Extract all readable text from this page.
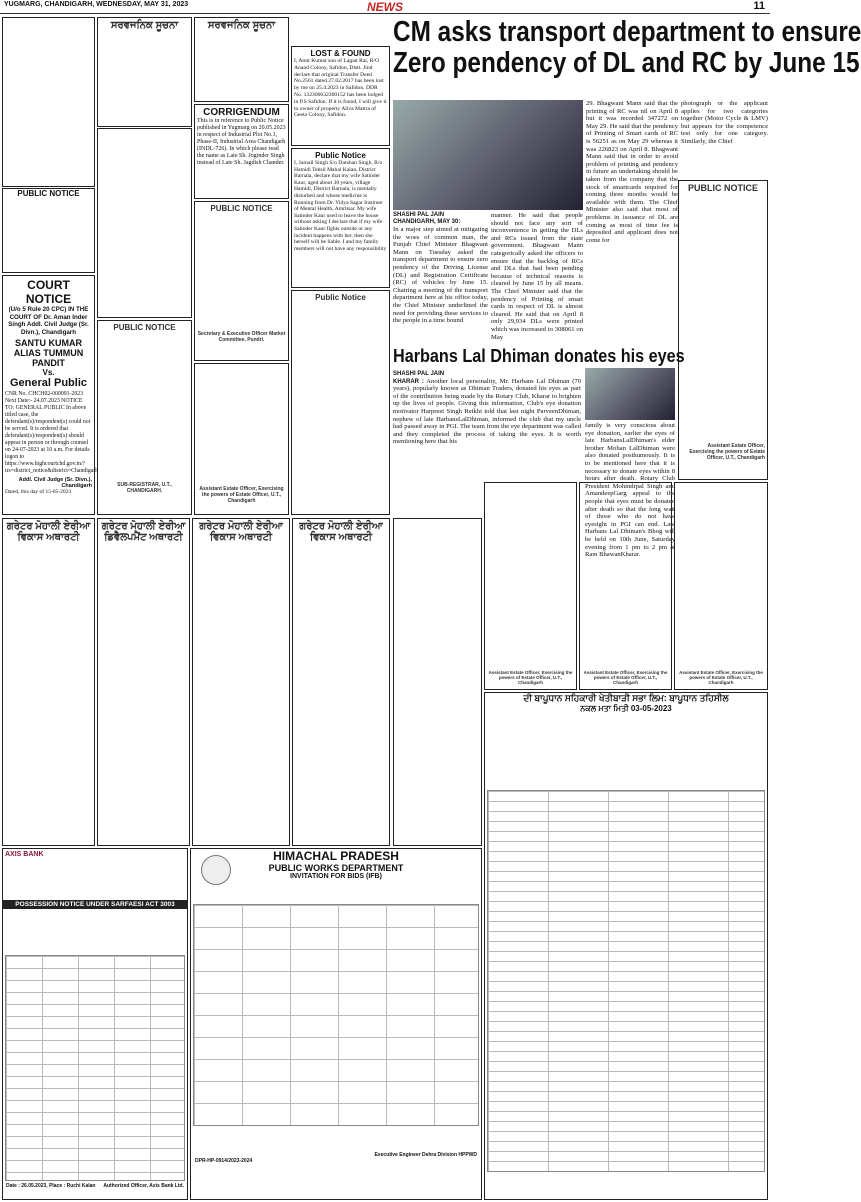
YUGMARG, CHANDIGARH, WEDNESDAY, MAY 31, 2023	NEWS	11
PUBLIC NOTICE
COURT NOTICE
(U/o 5 Rule 20 CPC) IN THE COURT OF Dr. Aman Inder Singh Addl. Civil Judge (Sr. Divn.), Chandigarh
SANTU KUMAR ALIAS TUMMUN PANDIT
Vs.
General Public
CNR No. CHCH02-000091-2023 Next Date:- 24.07.2023 NOTICE TO: GENERAL PUBLIC In above titled case, the defendant(s)/respondent(s) could not be served. It is ordered that defendant(s)/respondent(s) should appear in person or through counsel on 24-07-2023 at 10 a.m. For details logon to https://www.highcourtchd.gov.in/?trs=district_notice&district=Chandigarh
Addl. Civil Judge (Sr. Divn.), Chandigarh
Dated, this day of 15-05-2023
ਗਰੇਟਰ ਮੋਹਾਲੀ ਏਰੀਆ ਵਿਕਾਸ ਅਥਾਰਟੀ
ਗਰੇਟਰ ਮੋਹਾਲੀ ਏਰੀਆ ਡਿਵੈਲਪਮੈਂਟ ਅਥਾਰਟੀ
ਸਰਵਜਨਿਕ ਸੂਚਨਾ
PUBLIC NOTICE
SUB-REGISTRAR, U.T., CHANDIGARH.
ਸਰਵਜਨਿਕ ਸੂਚਨਾ
CORRIGENDUM
This is in reference to Public Notice published in Yugmarg on 20.05.2023 in respect of Industrial Plot No.1, Phase-II, Industrial Area Chandigarh (INDL-726). In which please read the name as Late Sh. Joginder Singh instead of Late Sh. Jagdish Chander.
PUBLIC NOTICE
Secretary & Executive Officer Market Committee, Pundri.
Assistant Estate Officer, Exercising the powers of Estate Officer, U.T., Chandigarh
LOST & FOUND
I, Amit Kumar son of Lajpat Rai, R/O Anand Colony, Safidon, Distt. Jind declare that original Transfer Deed No.2561 dated 27.02.2017 has been lost by me on 25.4.2023 in Safidon. DDR No. 132300632300152 has been lodged in P.S Safidon. If it is found, I will give it to owner of property Aliva Mattra of Geeta Colony, Safidon.
Public Notice
I, Jarnail Singh S/o Darshan Singh, R/o Hamidi Tehsil Mahal Kalan, District Barnala, declare that my wife Satinder Kaur, aged about 30 years, village Hamidi, District Barnala, is mentally disturbed and whose medicine is Running from Dr. Vidya Sagar Institute of Mental Health, Amritsar. My wife Satinder Kaur used to leave the house without asking I declare that if my wife Satinder Kaur fights outside or any incident happens with her, then she herself will be liable. I and my family members will not have any responsibility
Public Notice
CM asks transport department to ensure
Zero pendency of DL and RC by June 15
SHASHI PAL JAIN
CHANDIGARH, MAY 30:
In a major step aimed at mitigating the woes of common man, the Punjab Chief Minister Bhagwant Mann on Tuesday asked the transport department to ensure zero pendency of the Driving License (DL) and Registration Certificate (RC) of vehicles by June 15. Chairing a meeting of the transport department here at his office today, the Chief Minister underlined the need for providing these services to the people in a time bound
manner. He said that people should not face any sort of inconvenience in getting the DLs and RCs issued from the state government. Bhagwant Mann categorically asked the officers to ensure that the backlog of RCs and DLs that had been pending because of technical reasons is cleared by June 15 by all means. The Chief Minister said that the pendency of Printing of smart cards in respect of DL is almost cleared. He said that on April 8 only 29,934 DLs were printed which was increased to 308061 on May
29. Bhagwant Mann said that the printing of RC was nil on April 8 but it was recorded 347272 on May 29. He said that the pendency of Printing of Smart cards of RC is 56251 as on May 29 whereas it was 226823 on April 8. Bhagwant Mann said that in order to avoid problem of printing and pendency in future an undertaking should be taken from the company that the stock of smartcards required for coming three months would be available with them. The Chief Minister also said that most of problems in issuance of DL are coming as most of time fee is deposited and applicant does not come for
photograph or the applicant applies for two categories together (Motor Cycle & LMV) but appears for the competence test only for one category. Similarly, the Chief
PUBLIC NOTICE
Assistant Estate Officer, Exercising the powers of Estate Officer, U.T., Chandigarh
Harbans Lal Dhiman donates his eyes
SHASHI PAL JAIN
KHARAR : Another local personality, Mr. Harbans Lal Dhiman (70 years), popularly known as Dhiman Traders, donated his eyes as part of the contribution being made by the Rotary Club, Kharar to brighten up the lives of people. Giving this information, Club's eye donation motivator Harpreet Singh Reikhi told that last night ParveenDhiman, nephew of late HarbansLalDhiman, informed the club that my uncle had passed away in PGI. The team from the eye department was called and they completed the process of taking the eyes. It is worth mentioning here that his
family is very conscious about eye donation, earlier the eyes of late HarbansLalDhiman's elder brother Mohan LalDhiman were also donated posthumously. It is to be mentioned here that it is necessary to donate eyes within 8 hours after death. Rotary Club President Mohindrpal Singh and AmandeepGarg appeal to the people that eyes must be donated after death so that the long wait of those who do not have eyesight in PGI can end. Late Harbans Lal Dhiman's Bhog will be held on 10th June, Saturday evening from 1 pm to 2 pm at Ram BhawanKharar.
Assistant Estate Officer, Exercising the powers of Estate Officer, U.T., Chandigarh
Assistant Estate Officer, Exercising the powers of Estate Officer, U.T., Chandigarh
Assistant Estate Officer, Exercising the powers of Estate Officer, U.T., Chandigarh
ਗਰੇਟਰ ਮੋਹਾਲੀ ਏਰੀਆ ਵਿਕਾਸ ਅਥਾਰਟੀ
ਗਰੇਟਰ ਮੋਹਾਲੀ ਏਰੀਆ ਵਿਕਾਸ ਅਥਾਰਟੀ
ਦੀ ਬਾਪੂਧਾਨ ਸਹਿਕਾਰੀ ਖੇਤੀਬਾੜੀ ਸਭਾ ਲਿਮ: ਬਾਪੂਧਾਨ ਤਹਿਸੀਲ
ਨਕਲ ਮਤਾ ਮਿਤੀ 03-05-2023
AXIS BANK
POSSESSION NOTICE UNDER SARFAESI ACT 3003
Date : 26.05.2023, Place : Ruchi Kalan Authorized Officer, Axis Bank Ltd.
HIMACHAL PRADESH
PUBLIC WORKS DEPARTMENT
INVITATION FOR BIDS (IFB)
Executive Engineer Dehra Division HPPWD
DPR-HP-0914/2023-2024
